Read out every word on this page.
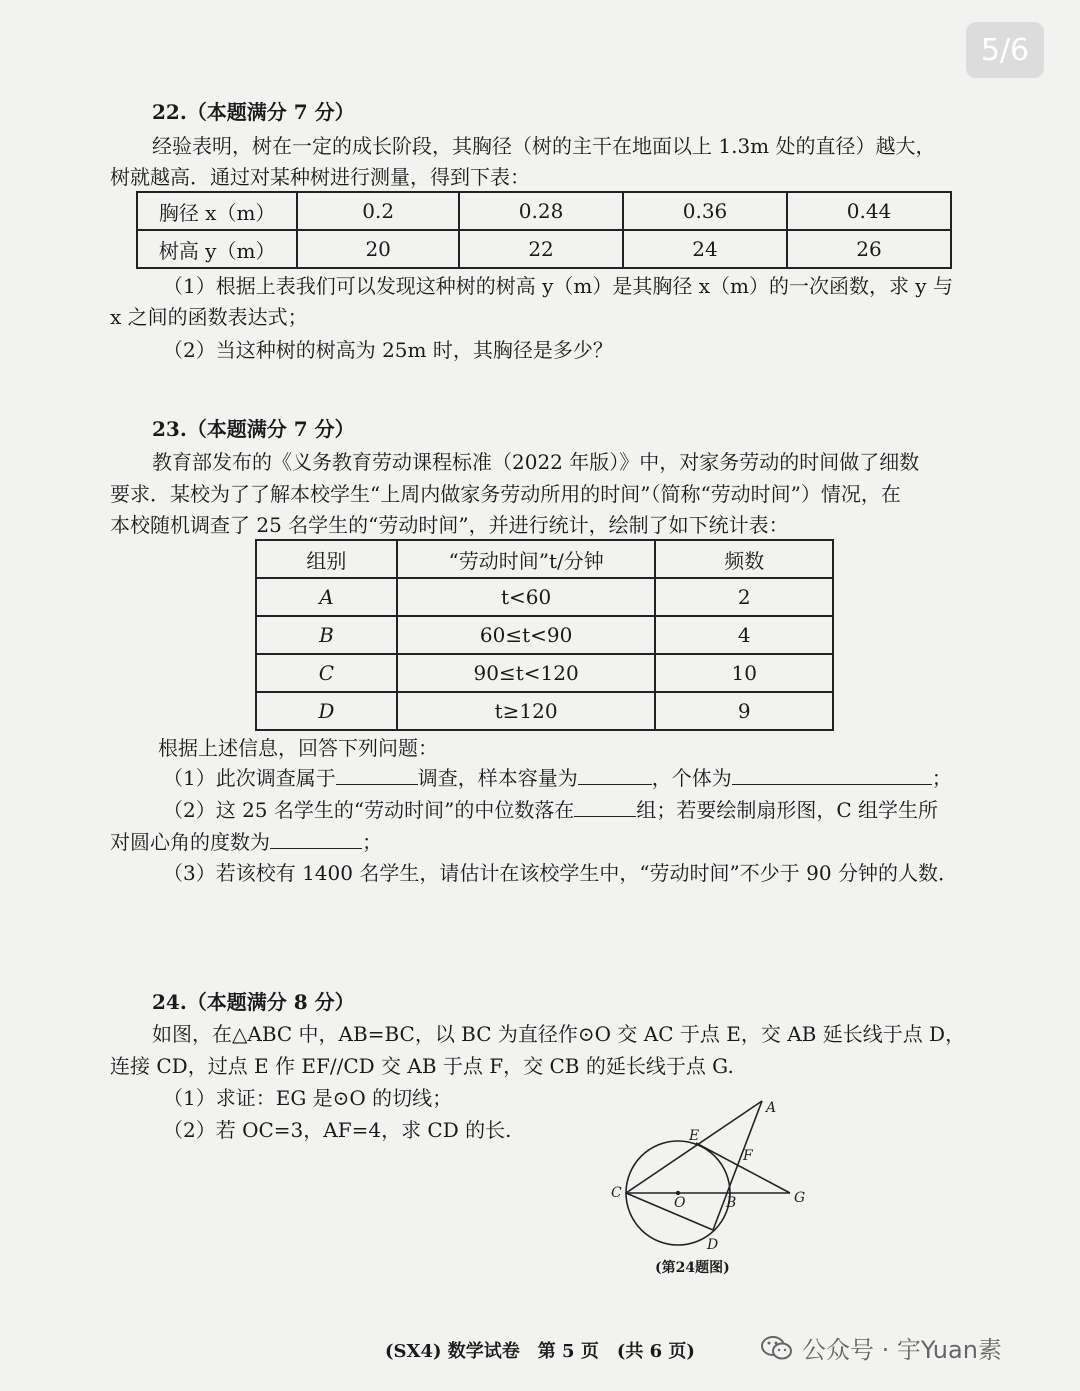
5/6
22.（本题满分 7 分）
经验表明，树在一定的成长阶段，其胸径（树的主干在地面以上 1.3m 处的直径）越大，
树就越高．通过对某种树进行测量，得到下表：
胸径 x（m）	0.2	0.28	0.36	0.44
树高 y（m）	20	22	24	26
（1）根据上表我们可以发现这种树的树高 y（m）是其胸径 x（m）的一次函数，求 y 与
x 之间的函数表达式；
（2）当这种树的树高为 25m 时，其胸径是多少？
23.（本题满分 7 分）
教育部发布的《义务教育劳动课程标准（2022 年版）》中，对家务劳动的时间做了细数
要求．某校为了了解本校学生“上周内做家务劳动所用的时间”（简称“劳动时间”）情况，在
本校随机调查了 25 名学生的“劳动时间”，并进行统计，绘制了如下统计表：
组别	“劳动时间”t/分钟	频数
A	t<60	2
B	60≤t<90	4
C	90≤t<120	10
D	t≥120	9
根据上述信息，回答下列问题：
（1）此次调查属于	调查，样本容量为	，个体为	；
（2）这 25 名学生的“劳动时间”的中位数落在	组；若要绘制扇形图，C 组学生所
对圆心角的度数为	；
（3）若该校有 1400 名学生，请估计在该校学生中，“劳动时间”不少于 90 分钟的人数．
24.（本题满分 8 分）
如图，在△ABC 中，AB=BC，以 BC 为直径作⊙O 交 AC 于点 E，交 AB 延长线于点 D，
连接 CD，过点 E 作 EF//CD 交 AB 于点 F，交 CB 的延长线于点 G.
（1）求证：EG 是⊙O 的切线；
（2）若 OC=3，AF=4，求 CD 的长.
A
E
F
C
O	B	G
D
(第24题图)
(SX4) 数学试卷　第 5 页　(共 6 页)	公众号 · 宇Yuan素
